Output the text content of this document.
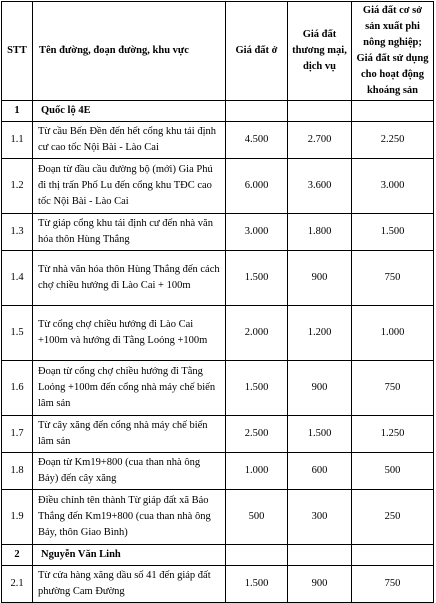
STT	Tên đường, đoạn đường, khu vực	Giá đất ở	Giá đất thương mại, dịch vụ	Giá đất cơ sở sản xuất phi nông nghiệp; Giá đất sử dụng cho hoạt động khoáng sản
1	Quốc lộ 4E			
1.1	Từ cầu Bến Đền đến hết cổng khu tái định cư cao tốc Nội Bài - Lào Cai	4.500	2.700	2.250
1.2	Đoạn từ đầu cầu đường bộ (mới) Gia Phú đi thị trấn Phố Lu đến cổng khu TĐC cao tốc Nội Bài - Lào Cai	6.000	3.600	3.000
1.3	Từ giáp cổng khu tái định cư đến nhà văn hóa thôn Hùng Thắng	3.000	1.800	1.500
1.4	Từ nhà văn hóa thôn Hùng Thắng đến cách chợ chiều hướng đi Lào Cai + 100m	1.500	900	750
1.5	Từ cổng chợ chiều hướng đi Lào Cai +100m và hướng đi Tằng Loỏng +100m	2.000	1.200	1.000
1.6	Đoạn từ cổng chợ chiều hướng đi Tằng Loỏng +100m đến cổng nhà máy chế biến lâm sản	1.500	900	750
1.7	Từ cây xăng đến cổng nhà máy chế biến lâm sản	2.500	1.500	1.250
1.8	Đoạn từ Km19+800 (cua than nhà ông Bảy) đến cây xăng	1.000	600	500
1.9	Điều chỉnh tên thành Từ giáp đất xã Bảo Thắng đến Km19+800 (cua than nhà ông Bảy, thôn Giao Bình)	500	300	250
2	Nguyễn Văn Linh			
2.1	Từ cửa hàng xăng dầu số 41 đến giáp đất phường Cam Đường	1.500	900	750
